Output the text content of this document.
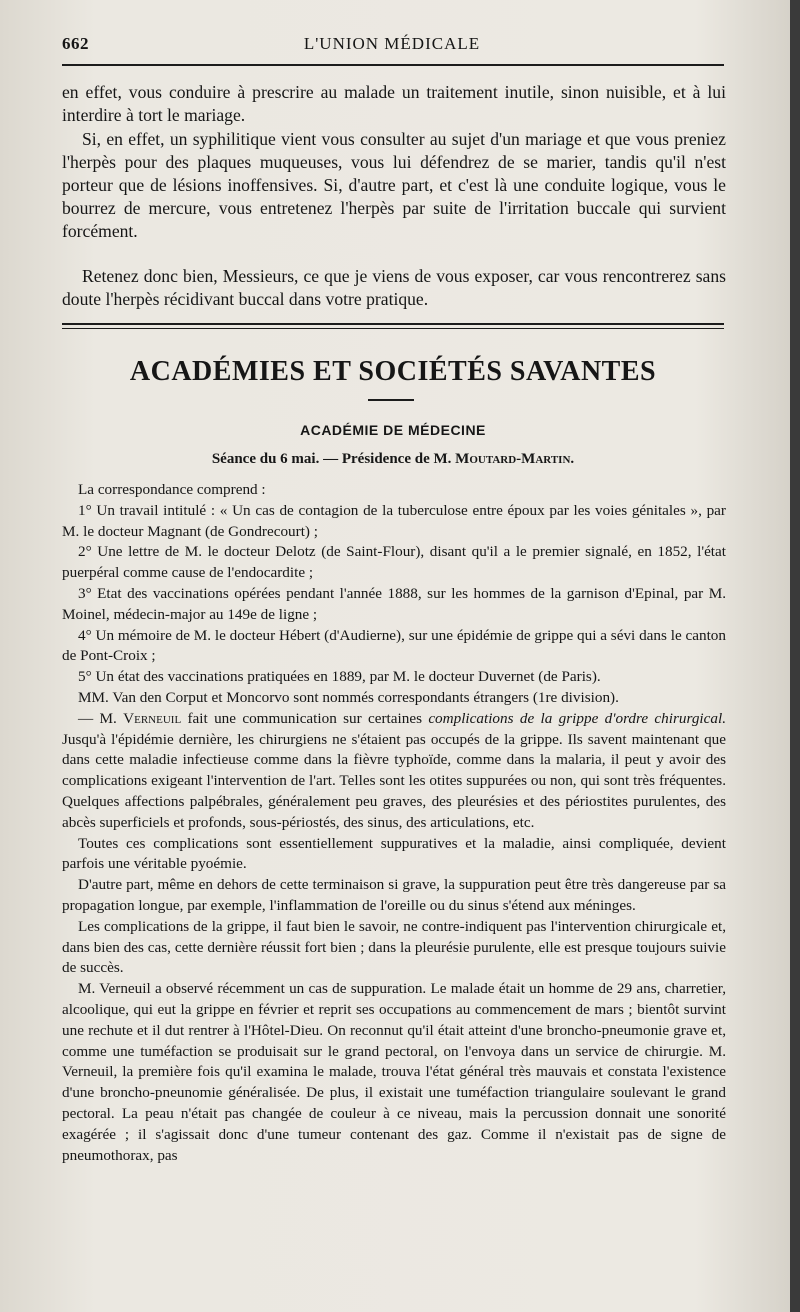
662	L'UNION MÉDICALE

en effet, vous conduire à prescrire au malade un traitement inutile, sinon nuisible, et à lui interdire à tort le mariage.

Si, en effet, un syphilitique vient vous consulter au sujet d'un mariage et que vous preniez l'herpès pour des plaques muqueuses, vous lui défendrez de se marier, tandis qu'il n'est porteur que de lésions inoffensives. Si, d'autre part, et c'est là une conduite logique, vous le bourrez de mercure, vous entretenez l'herpès par suite de l'irritation buccale qui survient forcément.

Retenez donc bien, Messieurs, ce que je viens de vous exposer, car vous rencontrerez sans doute l'herpès récidivant buccal dans votre pratique.

ACADÉMIES ET SOCIÉTÉS SAVANTES
ACADÉMIE DE MÉDECINE
Séance du 6 mai. — Présidence de M. Moutard-Martin.

La correspondance comprend :

1° Un travail intitulé : « Un cas de contagion de la tuberculose entre époux par les voies génitales », par M. le docteur Magnant (de Gondrecourt) ;

2° Une lettre de M. le docteur Delotz (de Saint-Flour), disant qu'il a le premier signalé, en 1852, l'état puerpéral comme cause de l'endocardite ;

3° Etat des vaccinations opérées pendant l'année 1888, sur les hommes de la garnison d'Epinal, par M. Moinel, médecin-major au 149e de ligne ;

4° Un mémoire de M. le docteur Hébert (d'Audierne), sur une épidémie de grippe qui a sévi dans le canton de Pont-Croix ;

5° Un état des vaccinations pratiquées en 1889, par M. le docteur Duvernet (de Paris).

MM. Van den Corput et Moncorvo sont nommés correspondants étrangers (1re division).

— M. Verneuil fait une communication sur certaines complications de la grippe d'ordre chirurgical. Jusqu'à l'épidémie dernière, les chirurgiens ne s'étaient pas occupés de la grippe. Ils savent maintenant que dans cette maladie infectieuse comme dans la fièvre typhoïde, comme dans la malaria, il peut y avoir des complications exigeant l'intervention de l'art. Telles sont les otites suppurées ou non, qui sont très fréquentes. Quelques affections palpébrales, généralement peu graves, des pleurésies et des périostites purulentes, des abcès superficiels et profonds, sous-périostés, des sinus, des articulations, etc.

Toutes ces complications sont essentiellement suppuratives et la maladie, ainsi compliquée, devient parfois une véritable pyoémie.

D'autre part, même en dehors de cette terminaison si grave, la suppuration peut être très dangereuse par sa propagation longue, par exemple, l'inflammation de l'oreille ou du sinus s'étend aux méninges.

Les complications de la grippe, il faut bien le savoir, ne contre-indiquent pas l'intervention chirurgicale et, dans bien des cas, cette dernière réussit fort bien ; dans la pleurésie purulente, elle est presque toujours suivie de succès.

M. Verneuil a observé récemment un cas de suppuration. Le malade était un homme de 29 ans, charretier, alcoolique, qui eut la grippe en février et reprit ses occupations au commencement de mars ; bientôt survint une rechute et il dut rentrer à l'Hôtel-Dieu. On reconnut qu'il était atteint d'une broncho-pneumonie grave et, comme une tuméfaction se produisait sur le grand pectoral, on l'envoya dans un service de chirurgie. M. Verneuil, la première fois qu'il examina le malade, trouva l'état général très mauvais et constata l'existence d'une broncho-pneunomie généralisée. De plus, il existait une tuméfaction triangulaire soulevant le grand pectoral. La peau n'était pas changée de couleur à ce niveau, mais la percussion donnait une sonorité exagérée ; il s'agissait donc d'une tumeur contenant des gaz. Comme il n'existait pas de signe de pneumothorax, pas
